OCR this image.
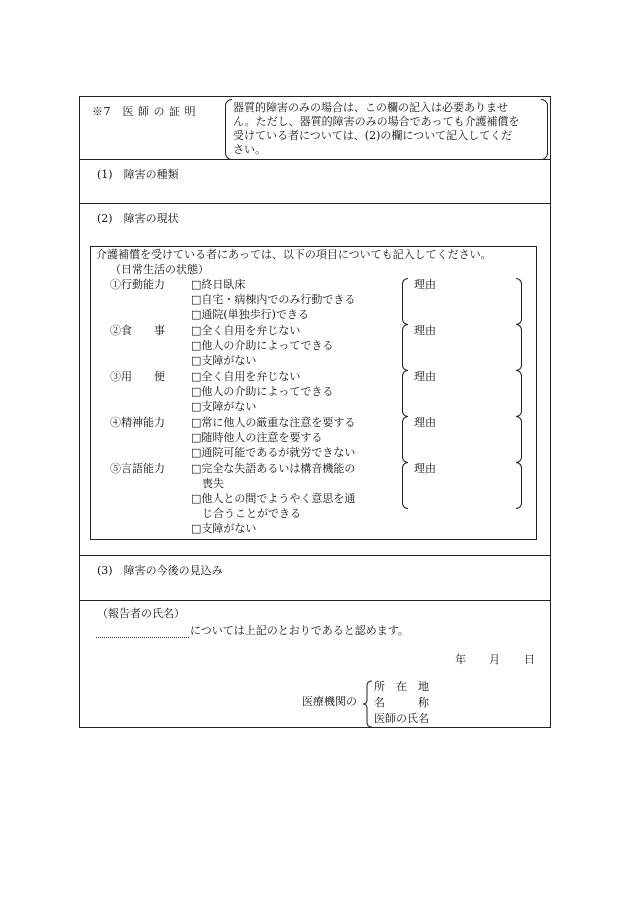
※7　医 師 の 証 明	器質的障害のみの場合は、この欄の記入は必要ありませ
ん。ただし、器質的障害のみの場合であっても介護補償を
受けている者については、(2)の欄について記入してくだ
さい。
(1)　障害の種類
(2)　障害の現状
介護補償を受けている者にあっては、以下の項目についても記入してください。
（日常生活の状態）
①行動能力 □終日臥床
□自宅・病棟内でのみ行動できる
□通院(単独歩行)できる
理由
②食　　事 □全く自用を弁じない
□他人の介助によってできる
□支障がない
理由
③用　　便 □全く自用を弁じない
□他人の介助によってできる
□支障がない
理由
④精神能力 □常に他人の厳重な注意を要する
□随時他人の注意を要する
□通院可能であるが就労できない
理由
⑤言語能力 □完全な失語あるいは構音機能の
　喪失
□他人との間でようやく意思を通
　じ合うことができる
□支障がない
理由
(3)　障害の今後の見込み
（報告者の氏名）
については上記のとおりであると認めます。
年 月 日
医療機関の
所　在　地
名　　　称
医師の氏名
